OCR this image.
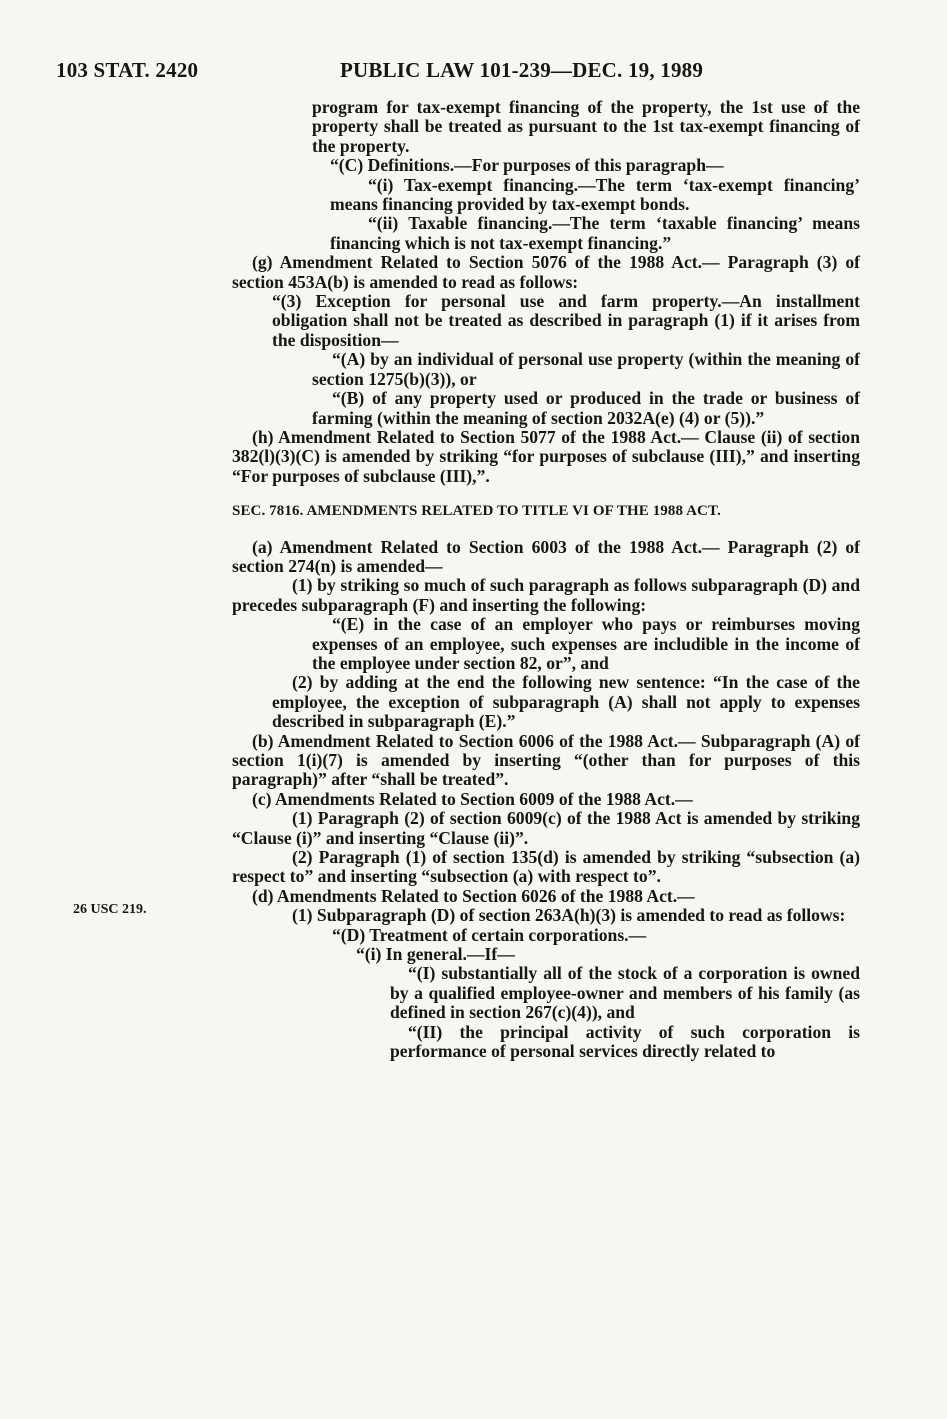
103 STAT. 2420	PUBLIC LAW 101-239—DEC. 19, 1989
26 USC 219.

program for tax-exempt financing of the property, the 1st use of the property shall be treated as pursuant to the 1st tax-exempt financing of the property.

“(C) Definitions.—For purposes of this paragraph—

“(i) Tax-exempt financing.—The term ‘tax-exempt financing’ means financing provided by tax-exempt bonds.

“(ii) Taxable financing.—The term ‘taxable financing’ means financing which is not tax-exempt financing.”

(g) Amendment Related to Section 5076 of the 1988 Act.— Paragraph (3) of section 453A(b) is amended to read as follows:

“(3) Exception for personal use and farm property.—An installment obligation shall not be treated as described in paragraph (1) if it arises from the disposition—

“(A) by an individual of personal use property (within the meaning of section 1275(b)(3)), or

“(B) of any property used or produced in the trade or business of farming (within the meaning of section 2032A(e) (4) or (5)).”

(h) Amendment Related to Section 5077 of the 1988 Act.— Clause (ii) of section 382(l)(3)(C) is amended by striking “for purposes of subclause (III),” and inserting “For purposes of subclause (III),”.

SEC. 7816. AMENDMENTS RELATED TO TITLE VI OF THE 1988 ACT.

(a) Amendment Related to Section 6003 of the 1988 Act.— Paragraph (2) of section 274(n) is amended—

(1) by striking so much of such paragraph as follows subparagraph (D) and precedes subparagraph (F) and inserting the following:

“(E) in the case of an employer who pays or reimburses moving expenses of an employee, such expenses are includible in the income of the employee under section 82, or”, and

(2) by adding at the end the following new sentence: “In the case of the employee, the exception of subparagraph (A) shall not apply to expenses described in subparagraph (E).”

(b) Amendment Related to Section 6006 of the 1988 Act.— Subparagraph (A) of section 1(i)(7) is amended by inserting “(other than for purposes of this paragraph)” after “shall be treated”.

(c) Amendments Related to Section 6009 of the 1988 Act.—

(1) Paragraph (2) of section 6009(c) of the 1988 Act is amended by striking “Clause (i)” and inserting “Clause (ii)”.

(2) Paragraph (1) of section 135(d) is amended by striking “subsection (a) respect to” and inserting “subsection (a) with respect to”.

(d) Amendments Related to Section 6026 of the 1988 Act.—

(1) Subparagraph (D) of section 263A(h)(3) is amended to read as follows:

“(D) Treatment of certain corporations.—

“(i) In general.—If—

“(I) substantially all of the stock of a corporation is owned by a qualified employee-owner and members of his family (as defined in section 267(c)(4)), and

“(II) the principal activity of such corporation is performance of personal services directly related to
